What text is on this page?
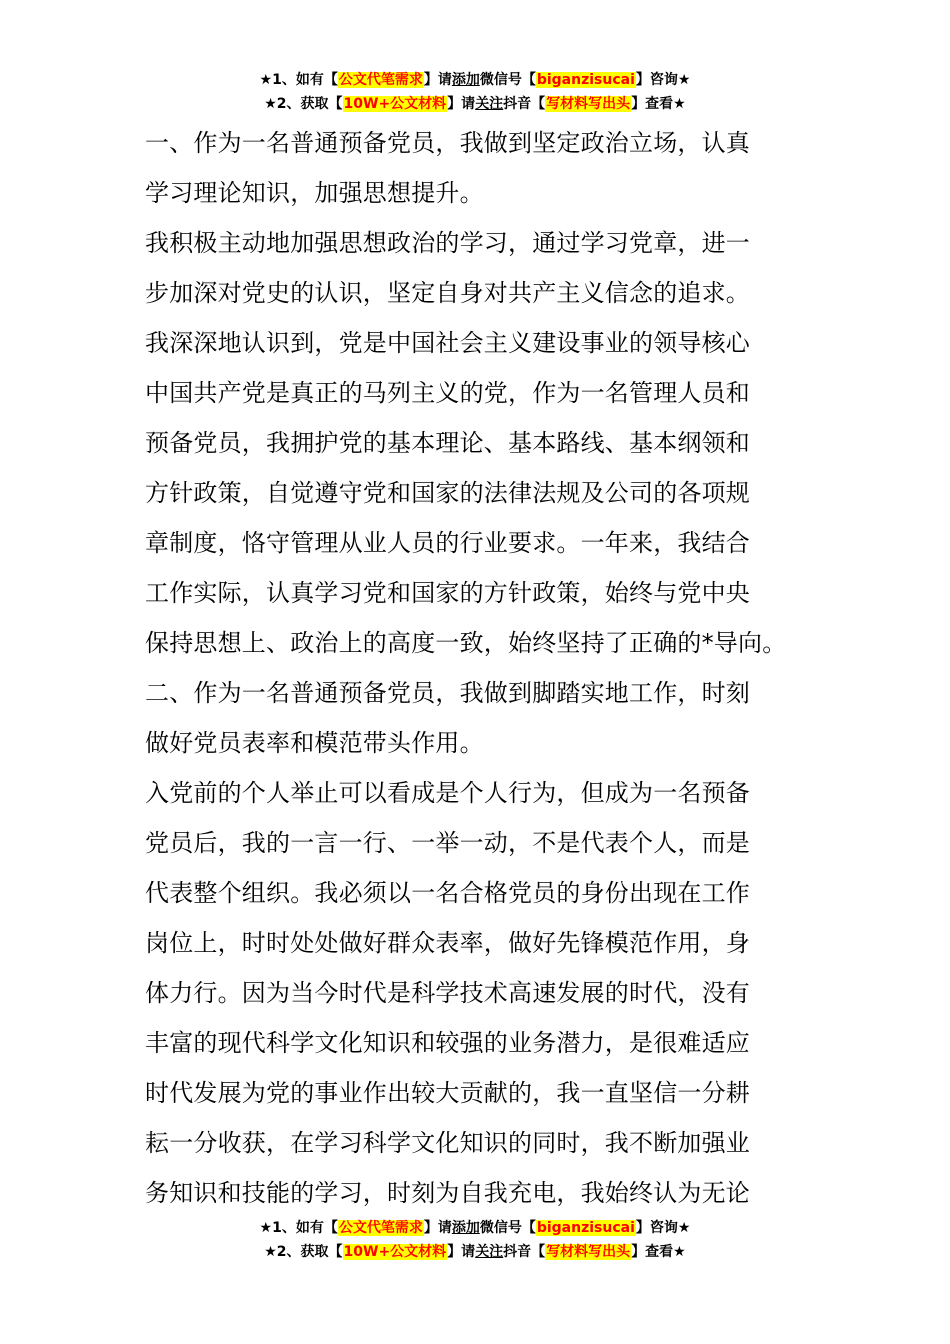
★1、如有【公文代笔需求】请添加微信号【biganzisucai】咨询★
★2、获取【10W+公文材料】请关注抖音【写材料写出头】查看★

一、作为一名普通预备党员，我做到坚定政治立场，认真
学习理论知识，加强思想提升。

我积极主动地加强思想政治的学习，通过学习党章，进一
步加深对党史的认识，坚定自身对共产主义信念的追求。

我深深地认识到，党是中国社会主义建设事业的领导核心
中国共产党是真正的马列主义的党，作为一名管理人员和
预备党员，我拥护党的基本理论、基本路线、基本纲领和
方针政策，自觉遵守党和国家的法律法规及公司的各项规
章制度，恪守管理从业人员的行业要求。一年来，我结合
工作实际，认真学习党和国家的方针政策，始终与党中央
保持思想上、政治上的高度一致，始终坚持了正确的*导向。

二、作为一名普通预备党员，我做到脚踏实地工作，时刻
做好党员表率和模范带头作用。

入党前的个人举止可以看成是个人行为，但成为一名预备
党员后，我的一言一行、一举一动，不是代表个人，而是
代表整个组织。我必须以一名合格党员的身份出现在工作
岗位上，时时处处做好群众表率，做好先锋模范作用，身
体力行。因为当今时代是科学技术高速发展的时代，没有
丰富的现代科学文化知识和较强的业务潜力，是很难适应
时代发展为党的事业作出较大贡献的，我一直坚信一分耕
耘一分收获，在学习科学文化知识的同时，我不断加强业
务知识和技能的学习，时刻为自我充电，我始终认为无论

★1、如有【公文代笔需求】请添加微信号【biganzisucai】咨询★
★2、获取【10W+公文材料】请关注抖音【写材料写出头】查看★
